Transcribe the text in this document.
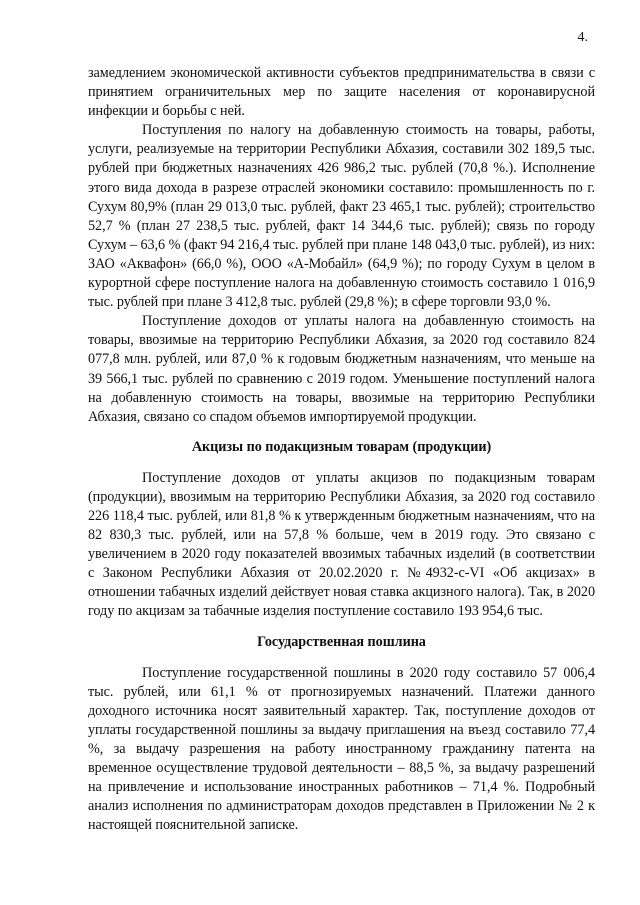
4.

замедлением экономической активности субъектов предпринимательства в связи с принятием ограничительных мер по защите населения от коронавирусной инфекции и борьбы с ней.

Поступления по налогу на добавленную стоимость на товары, работы, услуги, реализуемые на территории Республики Абхазия, составили 302 189,5 тыс. рублей при бюджетных назначениях 426 986,2 тыс. рублей (70,8 %.). Исполнение этого вида дохода в разрезе отраслей экономики составило: промышленность по г. Сухум 80,9% (план 29 013,0 тыс. рублей, факт 23 465,1 тыс. рублей); строительство 52,7 % (план 27 238,5 тыс. рублей, факт 14 344,6 тыс. рублей); связь по городу Сухум – 63,6 % (факт 94 216,4 тыс. рублей при плане 148 043,0 тыс. рублей), из них: ЗАО «Аквафон» (66,0 %), ООО «А-Мобайл» (64,9 %); по городу Сухум в целом в курортной сфере поступление налога на добавленную стоимость составило 1 016,9 тыс. рублей при плане 3 412,8 тыс. рублей (29,8 %); в сфере торговли 93,0 %.

Поступление доходов от уплаты налога на добавленную стоимость на товары, ввозимые на территорию Республики Абхазия, за 2020 год составило 824 077,8 млн. рублей, или 87,0 % к годовым бюджетным назначениям, что меньше на 39 566,1 тыс. рублей по сравнению с 2019 годом. Уменьшение поступлений налога на добавленную стоимость на товары, ввозимые на территорию Республики Абхазия, связано со спадом объемов импортируемой продукции.

Акцизы по подакцизным товарам (продукции)

Поступление доходов от уплаты акцизов по подакцизным товарам (продукции), ввозимым на территорию Республики Абхазия, за 2020 год составило 226 118,4 тыс. рублей, или 81,8 % к утвержденным бюджетным назначениям, что на 82 830,3 тыс. рублей, или на 57,8 % больше, чем в 2019 году. Это связано с увеличением в 2020 году показателей ввозимых табачных изделий (в соответствии с Законом Республики Абхазия от 20.02.2020 г. №4932-с-VI «Об акцизах» в отношении табачных изделий действует новая ставка акцизного налога). Так, в 2020 году по акцизам за табачные изделия поступление составило 193 954,6 тыс.

Государственная пошлина

Поступление государственной пошлины в 2020 году составило 57 006,4 тыс. рублей, или 61,1 % от прогнозируемых назначений. Платежи данного доходного источника носят заявительный характер. Так, поступление доходов от уплаты государственной пошлины за выдачу приглашения на въезд составило 77,4 %, за выдачу разрешения на работу иностранному гражданину патента на временное осуществление трудовой деятельности – 88,5 %, за выдачу разрешений на привлечение и использование иностранных работников – 71,4 %. Подробный анализ исполнения по администраторам доходов представлен в Приложении № 2 к настоящей пояснительной записке.
